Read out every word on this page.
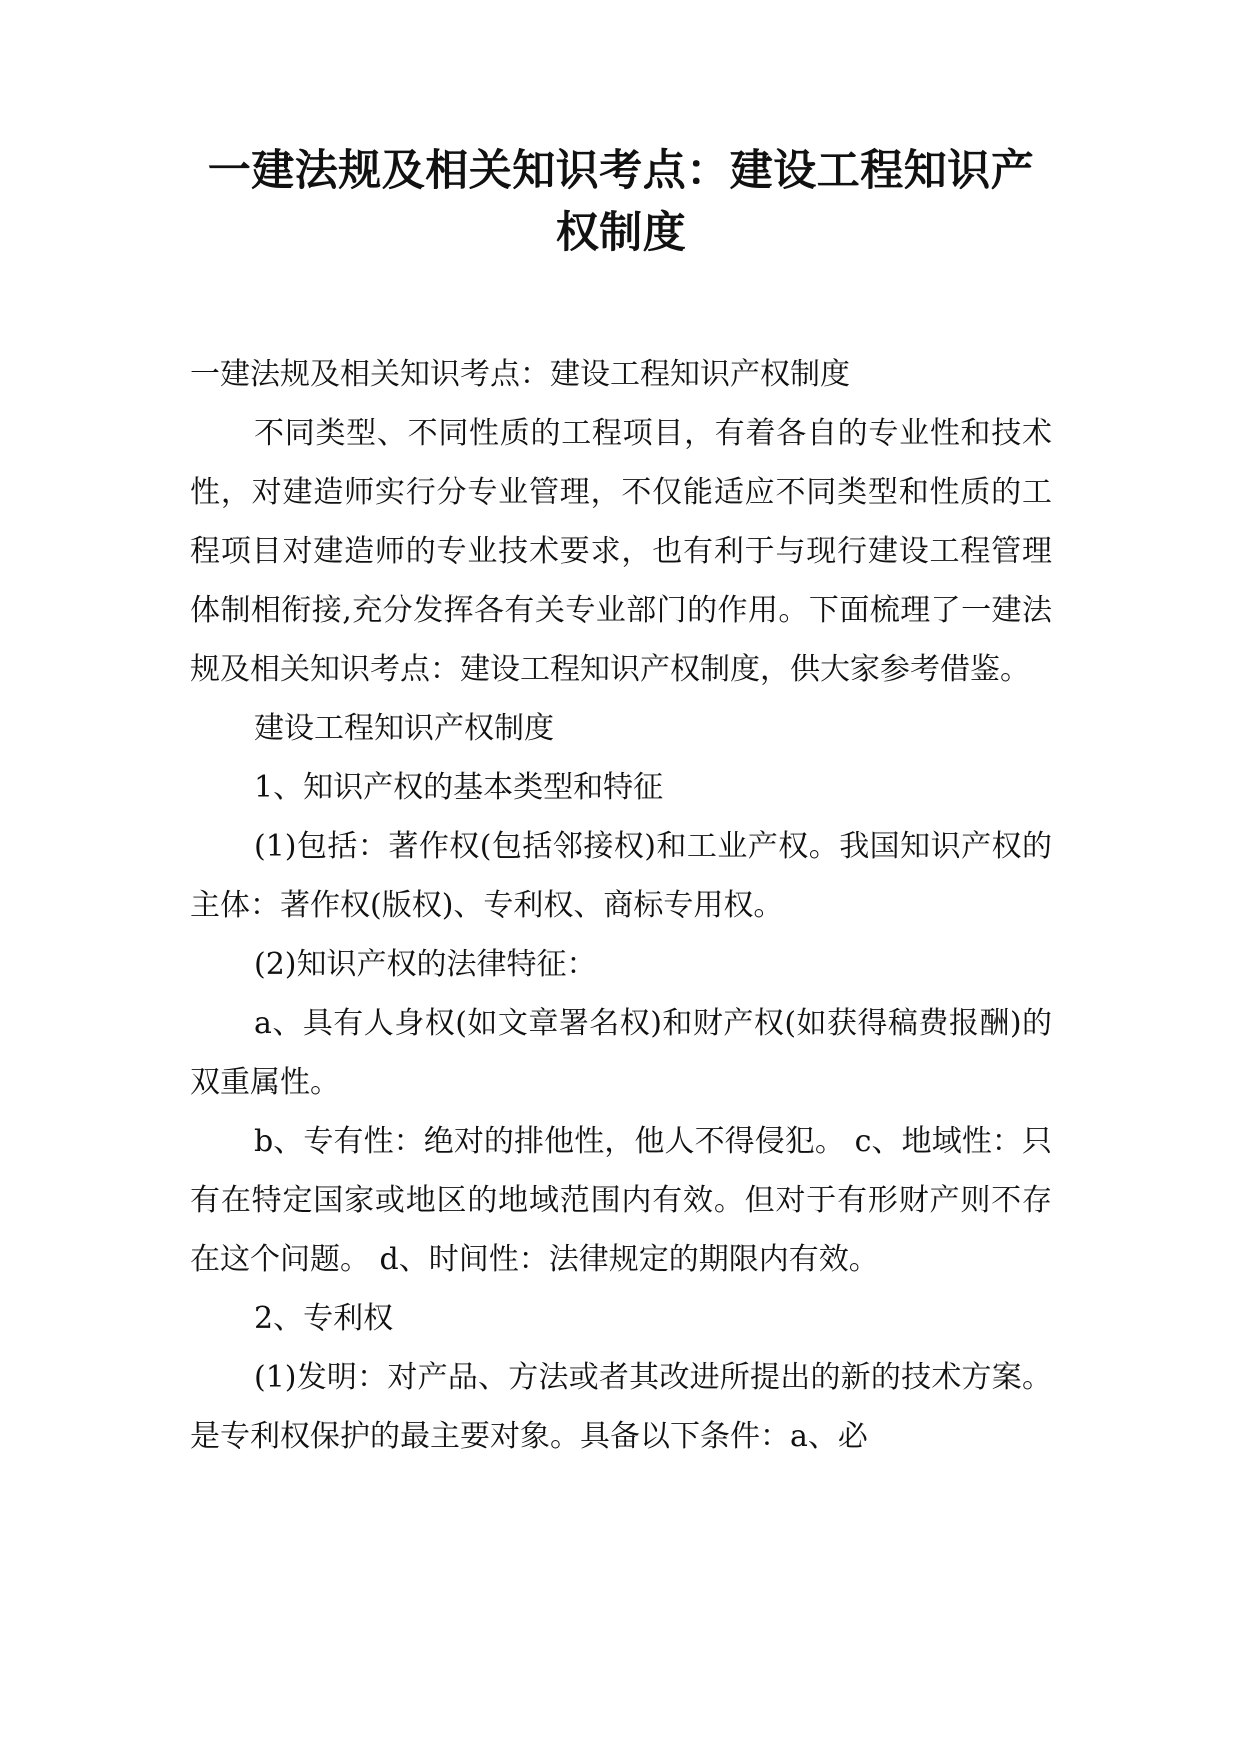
一建法规及相关知识考点：建设工程知识产权制度

一建法规及相关知识考点：建设工程知识产权制度

不同类型、不同性质的工程项目，有着各自的专业性和技术性，对建造师实行分专业管理，不仅能适应不同类型和性质的工程项目对建造师的专业技术要求，也有利于与现行建设工程管理体制相衔接,充分发挥各有关专业部门的作用。下面梳理了一建法规及相关知识考点：建设工程知识产权制度，供大家参考借鉴。

建设工程知识产权制度

1、知识产权的基本类型和特征

(1)包括：著作权(包括邻接权)和工业产权。我国知识产权的主体：著作权(版权)、专利权、商标专用权。

(2)知识产权的法律特征：

a、具有人身权(如文章署名权)和财产权(如获得稿费报酬)的双重属性。

b、专有性：绝对的排他性，他人不得侵犯。 c、地域性：只有在特定国家或地区的地域范围内有效。但对于有形财产则不存在这个问题。 d、时间性：法律规定的期限内有效。

2、专利权

(1)发明：对产品、方法或者其改进所提出的新的技术方案。是专利权保护的最主要对象。具备以下条件：a、必
